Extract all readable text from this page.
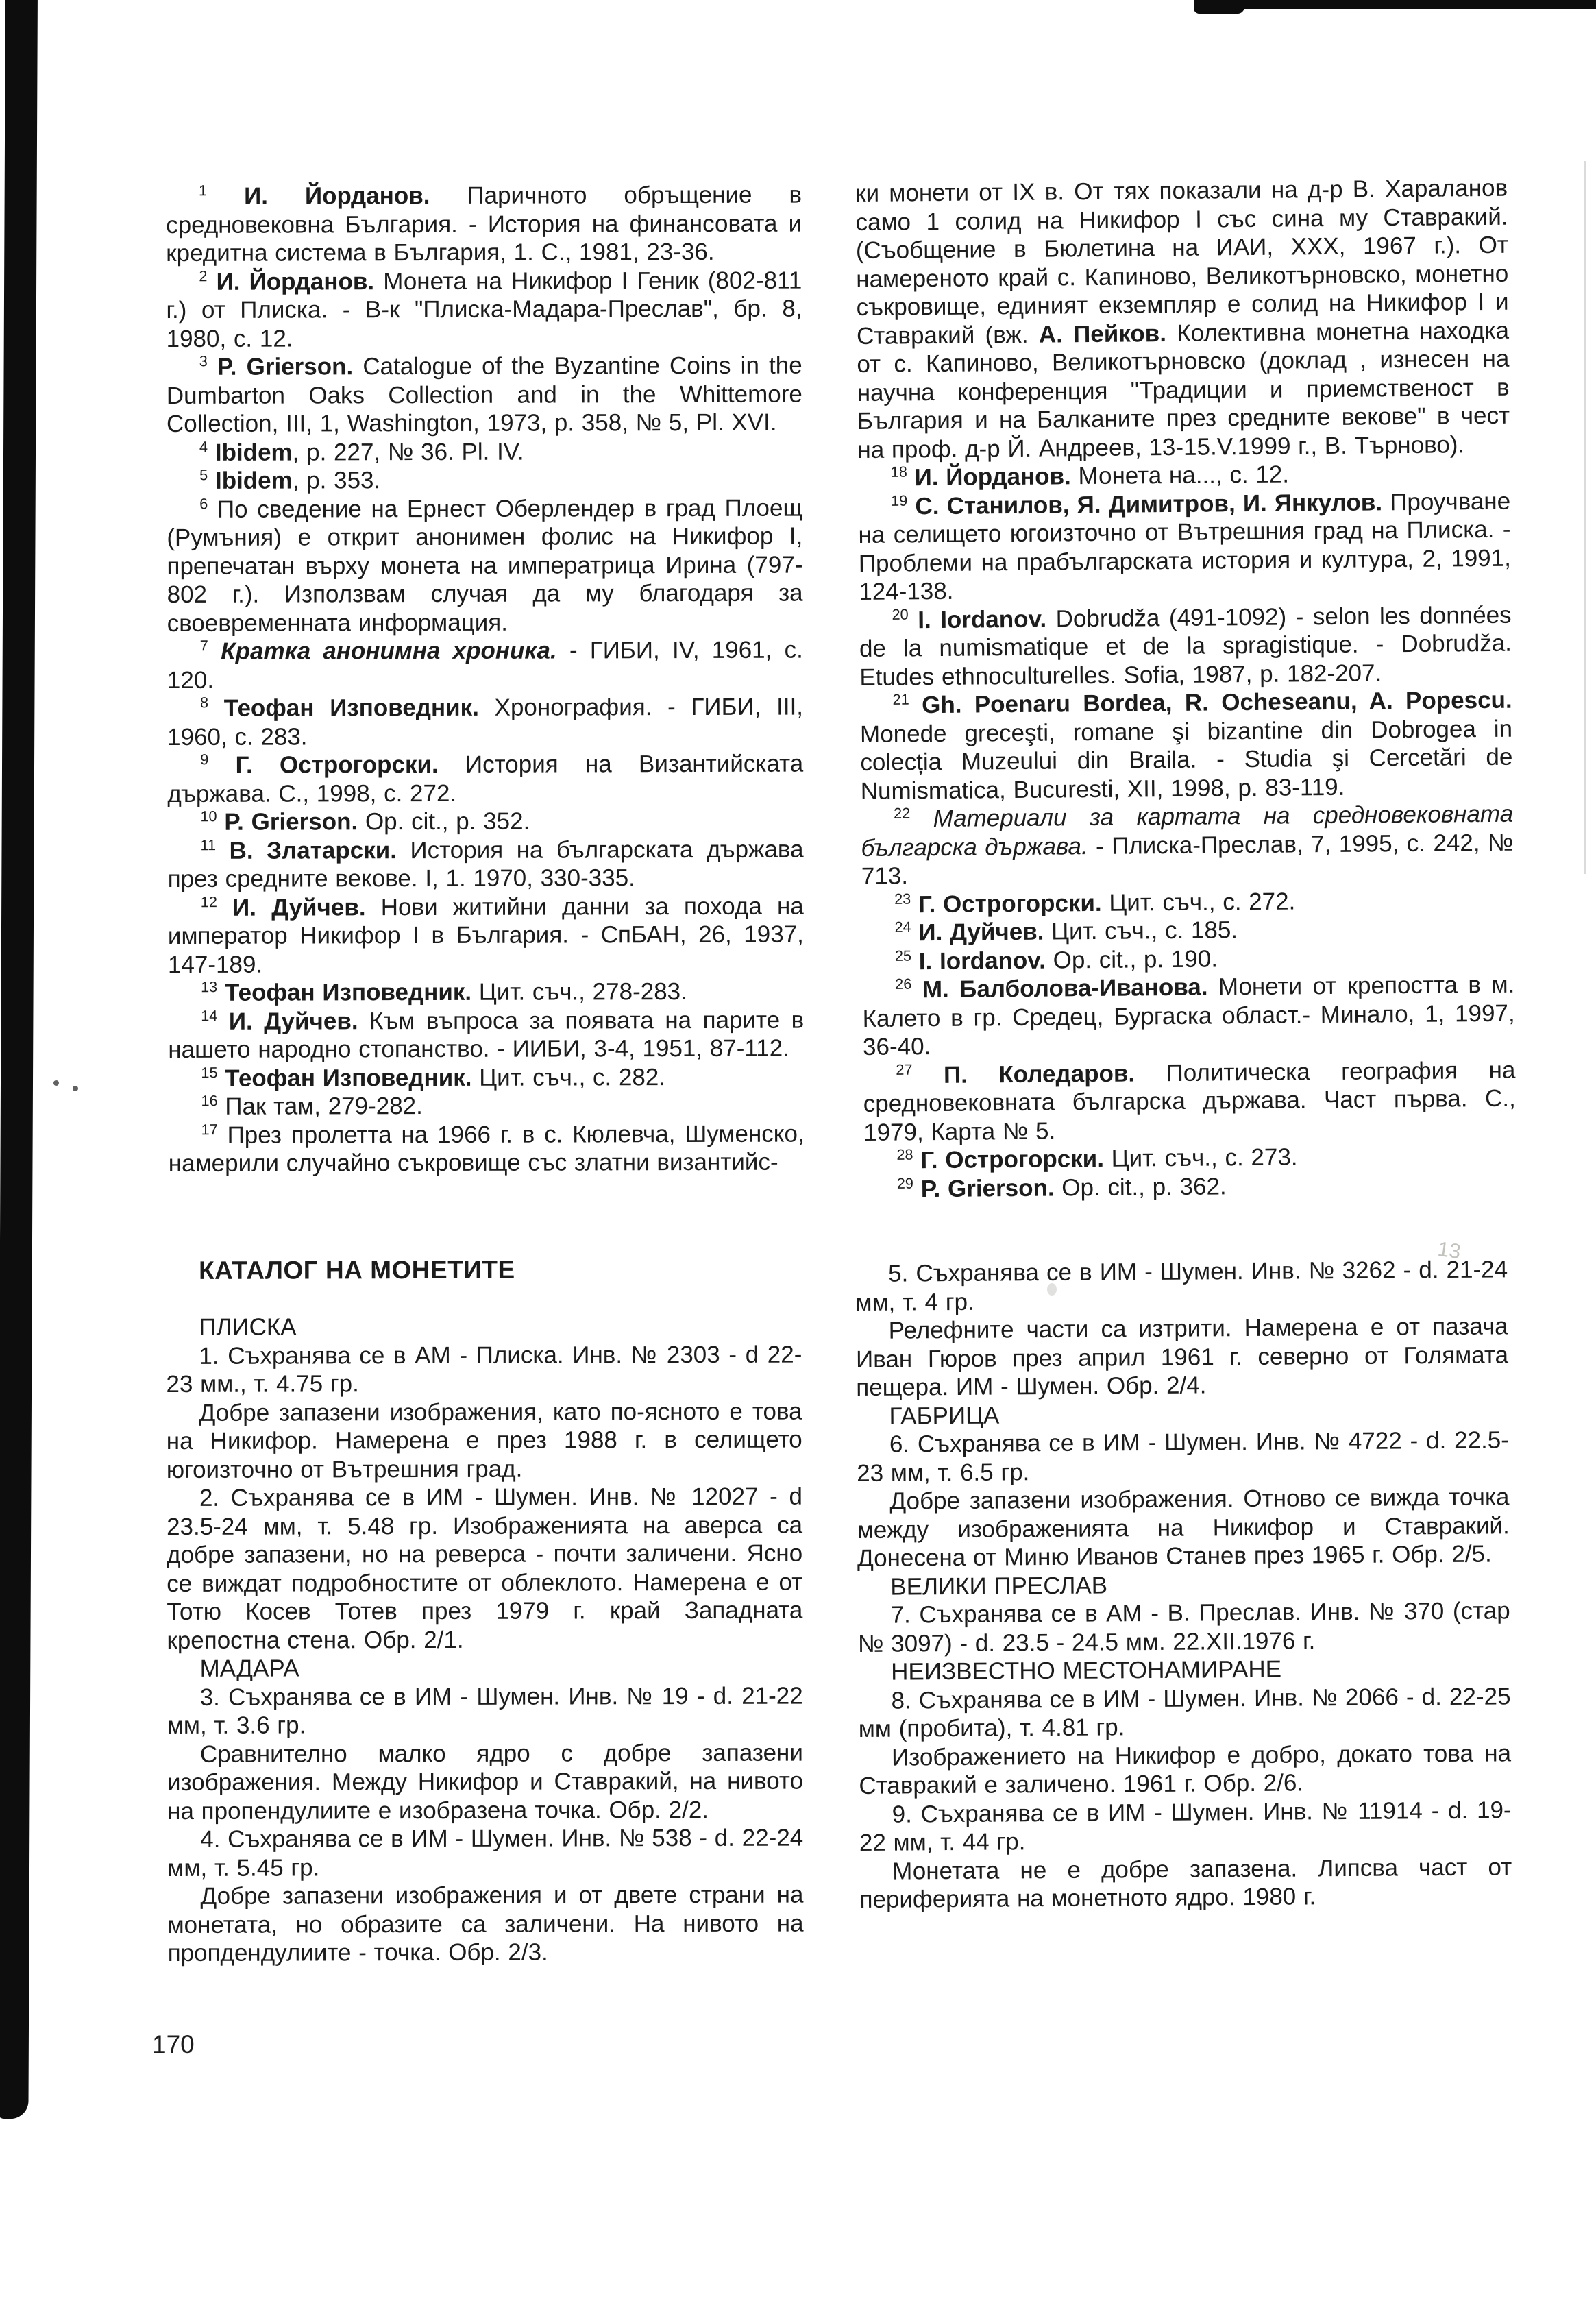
13

$^1$ И. Йорданов. Паричното обръщение в средновековна България. - История на финансовата и кредитна система в България, 1. С., 1981, 23-36.

$^2$ И. Йорданов. Монета на Никифор I Геник (802-811 г.) от Плиска. - В-к "Плиска-Мадара-Преслав", бр. 8, 1980, с. 12.

$^3$ P. Grierson. Catalogue of the Byzantine Coins in the Dumbarton Oaks Collection and in the Whittemore Collection, III, 1, Washington, 1973, p. 358, № 5, Pl. XVI.

$^4$ Ibidem, p. 227, № 36. Pl. IV.

$^5$ Ibidem, p. 353.

$^6$ По сведение на Ернест Оберлендер в град Плоещ (Румъния) е открит анонимен фолис на Никифор I, препечатан върху монета на императрица Ирина (797-802 г.). Използвам случая да му благодаря за своевременната информация.

$^7$ Кратка анонимна хроника. - ГИБИ, IV, 1961, с. 120.

$^8$ Теофан Изповедник. Хронография. - ГИБИ, III, 1960, с. 283.

$^9$ Г. Острогорски. История на Византийската държава. С., 1998, с. 272.

$^{10}$ P. Grierson. Op. cit., p. 352.

$^{11}$ В. Златарски. История на българската държава през средните векове. I, 1. 1970, 330-335.

$^{12}$ И. Дуйчев. Нови житийни данни за похода на император Никифор I в България. - СпБАН, 26, 1937, 147-189.

$^{13}$ Теофан Изповедник. Цит. съч., 278-283.

$^{14}$ И. Дуйчев. Към въпроса за появата на парите в нашето народно стопанство. - ИИБИ, 3-4, 1951, 87-112.

$^{15}$ Теофан Изповедник. Цит. съч., с. 282.

$^{16}$ Пак там, 279-282.

$^{17}$ През пролетта на 1966 г. в с. Кюлевча, Шуменско, намерили случайно съкровище със златни византийс-

ки монети от IX в. От тях показали на д-р В. Хараланов само 1 солид на Никифор I със сина му Ставракий. (Съобщение в Бюлетина на ИАИ, XXX, 1967 г.). От намереното край с. Капиново, Великотърновско, монетно съкровище, единият екземпляр е солид на Никифор I и Ставракий (вж. А. Пейков. Колективна монетна находка от с. Капиново, Великотърновско (доклад , изнесен на научна конференция "Традиции и приемственост в България и на Балканите през средните векове" в чест на проф. д-р Й. Андреев, 13-15.V.1999 г., В. Търново).

$^{18}$ И. Йорданов. Монета на..., с. 12.

$^{19}$ С. Станилов, Я. Димитров, И. Янкулов. Проучване на селището югоизточно от Вътрешния град на Плиска. - Проблеми на прабългарската история и култура, 2, 1991, 124-138.

$^{20}$ I. Iordanov. Dobrudža (491-1092) - selon les données de la numismatique et de la spragistique. - Dobrudža. Etudes ethnoculturelles. Sofia, 1987, p. 182-207.

$^{21}$ Gh. Poenaru Bordea, R. Ocheseanu, A. Popescu. Monede greceşti, romane şi bizantine din Dobrogea in colecția Muzeului din Braila. - Studia şi Cercetări de Numismatica, Bucuresti, XII, 1998, p. 83-119.

$^{22}$ Материали за картата на средновековната българска държава. - Плиска-Преслав, 7, 1995, с. 242, № 713.

$^{23}$ Г. Острогорски. Цит. съч., с. 272.

$^{24}$ И. Дуйчев. Цит. съч., с. 185.

$^{25}$ I. Iordanov. Op. cit., p. 190.

$^{26}$ М. Балболова-Иванова. Монети от крепостта в м. Калето в гр. Средец, Бургаска област.- Минало, 1, 1997, 36-40.

$^{27}$ П. Коледаров. Политическа география на средновековната българска държава. Част първа. С., 1979, Карта № 5.

$^{28}$ Г. Острогорски. Цит. съч., с. 273.

$^{29}$ P. Grierson. Op. cit., p. 362.

КАТАЛОГ НА МОНЕТИТЕ

ПЛИСКА

1. Съхранява се в АМ - Плиска. Инв. № 2303 - d 22-23 мм., т. 4.75 гр.

Добре запазени изображения, като по-ясното е това на Никифор. Намерена е през 1988 г. в селището югоизточно от Вътрешния град.

2. Съхранява се в ИМ - Шумен. Инв. № 12027 - d 23.5-24 мм, т. 5.48 гр. Изображенията на аверса са добре запазени, но на реверса - почти заличени. Ясно се виждат подробностите от облеклото. Намерена е от Тотю Косев Тотев през 1979 г. край Западната крепостна стена. Обр. 2/1.

МАДАРА

3. Съхранява се в ИМ - Шумен. Инв. № 19 - d. 21-22 мм, т. 3.6 гр.

Сравнително малко ядро с добре запазени изображения. Между Никифор и Ставракий, на нивото на пропендулиите е изобразена точка. Обр. 2/2.

4. Съхранява се в ИМ - Шумен. Инв. № 538 - d. 22-24 мм, т. 5.45 гр.

Добре запазени изображения и от двете страни на монетата, но образите са заличени. На нивото на пропдендулиите - точка. Обр. 2/3.

5. Съхранява се в ИМ - Шумен. Инв. № 3262 - d. 21-24 мм, т. 4 гр.

Релефните части са изтрити. Намерена е от пазача Иван Гюров през април 1961 г. северно от Голямата пещера. ИМ - Шумен. Обр. 2/4.

ГАБРИЦА

6. Съхранява се в ИМ - Шумен. Инв. № 4722 - d. 22.5-23 мм, т. 6.5 гр.

Добре запазени изображения. Отново се вижда точка между изображенията на Никифор и Ставракий. Донесена от Миню Иванов Станев през 1965 г. Обр. 2/5.

ВЕЛИКИ ПРЕСЛАВ

7. Съхранява се в АМ - В. Преслав. Инв. № 370 (стар № 3097) - d. 23.5 - 24.5 мм. 22.XII.1976 г.

НЕИЗВЕСТНО МЕСТОНАМИРАНЕ

8. Съхранява се в ИМ - Шумен. Инв. № 2066 - d. 22-25 мм (пробита), т. 4.81 гр.

Изображението на Никифор е добро, докато това на Ставракий е заличено. 1961 г. Обр. 2/6.

9. Съхранява се в ИМ - Шумен. Инв. № 11914 - d. 19-22 мм, т. 44 гр.

Монетата не е добре запазена. Липсва част от периферията на монетното ядро. 1980 г.

170
